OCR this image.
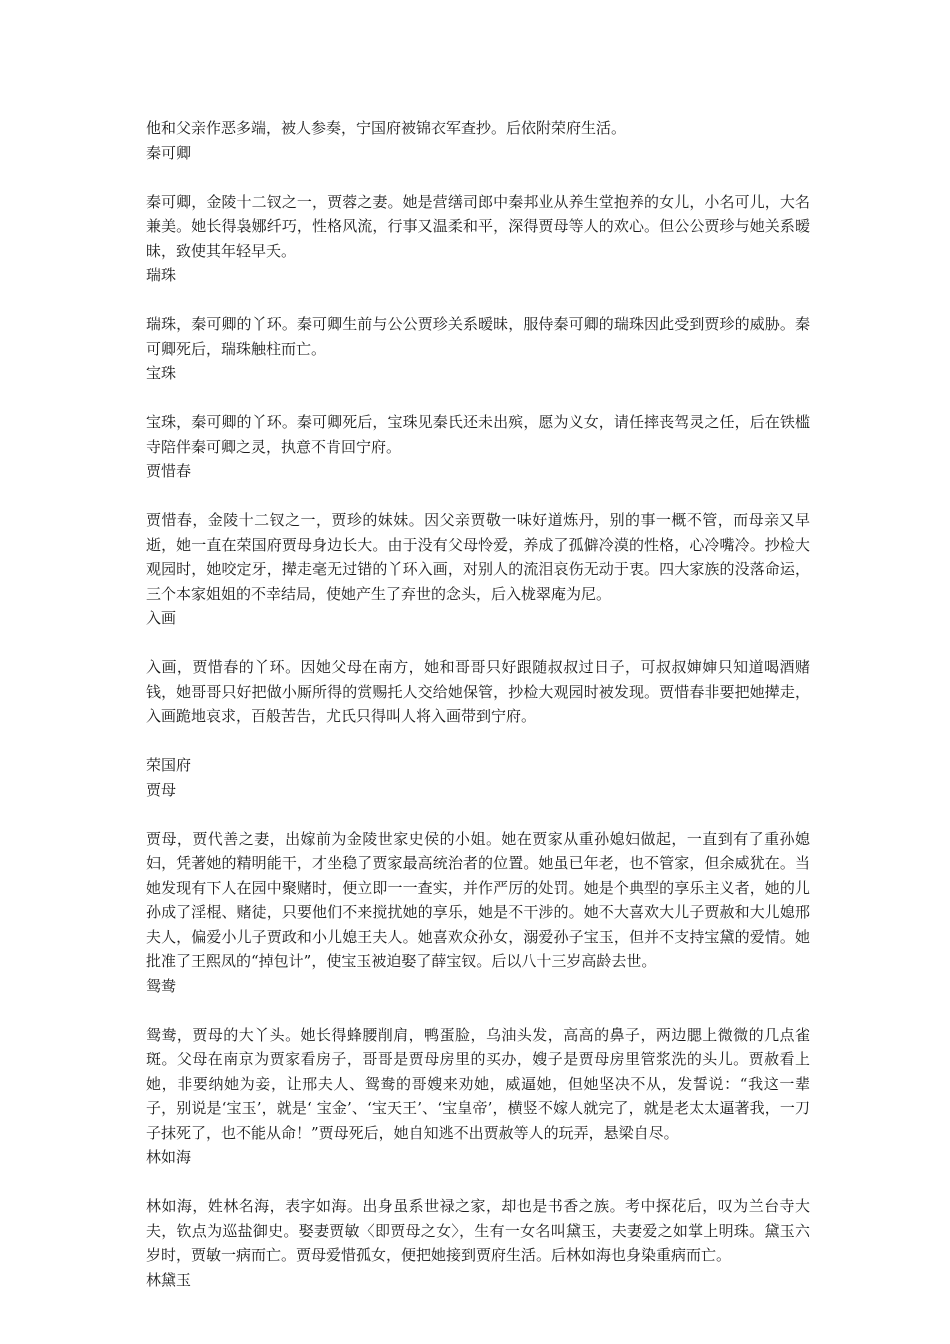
他和父亲作恶多端，被人参奏，宁国府被锦衣军查抄。后依附荣府生活。

秦可卿

秦可卿，金陵十二钗之一，贾蓉之妻。她是营缮司郎中秦邦业从养生堂抱养的女儿，小名可儿，大名兼美。她长得袅娜纤巧，性格风流，行事又温柔和平，深得贾母等人的欢心。但公公贾珍与她关系暧昧，致使其年轻早夭。

瑞珠

瑞珠，秦可卿的丫环。秦可卿生前与公公贾珍关系暧昧，服侍秦可卿的瑞珠因此受到贾珍的威胁。秦可卿死后，瑞珠触柱而亡。

宝珠

宝珠，秦可卿的丫环。秦可卿死后，宝珠见秦氏还未出殡，愿为义女，请任摔丧驾灵之任，后在铁槛寺陪伴秦可卿之灵，执意不肯回宁府。

贾惜春

贾惜春，金陵十二钗之一，贾珍的妹妹。因父亲贾敬一味好道炼丹，别的事一概不管，而母亲又早逝，她一直在荣国府贾母身边长大。由于没有父母怜爱，养成了孤僻冷漠的性格，心冷嘴冷。抄检大观园时，她咬定牙，撵走毫无过错的丫环入画，对别人的流泪哀伤无动于衷。四大家族的没落命运，三个本家姐姐的不幸结局，使她产生了弃世的念头，后入栊翠庵为尼。

入画

入画，贾惜春的丫环。因她父母在南方，她和哥哥只好跟随叔叔过日子，可叔叔婶婶只知道喝酒赌钱，她哥哥只好把做小厮所得的赏赐托人交给她保管，抄检大观园时被发现。贾惜春非要把她撵走，入画跪地哀求，百般苦告，尤氏只得叫人将入画带到宁府。

荣国府

贾母

贾母，贾代善之妻，出嫁前为金陵世家史侯的小姐。她在贾家从重孙媳妇做起，一直到有了重孙媳妇，凭著她的精明能干，才坐稳了贾家最高统治者的位置。她虽已年老，也不管家，但余威犹在。当她发现有下人在园中聚赌时，便立即一一查实，并作严厉的处罚。她是个典型的享乐主义者，她的儿孙成了淫棍、赌徒，只要他们不来搅扰她的享乐，她是不干涉的。她不大喜欢大儿子贾赦和大儿媳邢夫人，偏爱小儿子贾政和小儿媳王夫人。她喜欢众孙女，溺爱孙子宝玉，但并不支持宝黛的爱情。她批准了王熙凤的“掉包计”，使宝玉被迫娶了薛宝钗。后以八十三岁高龄去世。

鸳鸯

鸳鸯，贾母的大丫头。她长得蜂腰削肩，鸭蛋脸，乌油头发，高高的鼻子，两边腮上微微的几点雀斑。父母在南京为贾家看房子，哥哥是贾母房里的买办，嫂子是贾母房里管浆洗的头儿。贾赦看上她，非要纳她为妾，让邢夫人、鸳鸯的哥嫂来劝她，威逼她，但她坚决不从，发誓说：“我这一辈子，别说是‘宝玉’，就是‘ 宝金’、‘宝天王’、‘宝皇帝’，横竖不嫁人就完了，就是老太太逼著我，一刀子抹死了，也不能从命！”贾母死后，她自知逃不出贾赦等人的玩弄，悬梁自尽。

林如海

林如海，姓林名海，表字如海。出身虽系世禄之家，却也是书香之族。考中探花后，叹为兰台寺大夫，钦点为巡盐御史。娶妻贾敏〈即贾母之女〉，生有一女名叫黛玉，夫妻爱之如掌上明珠。黛玉六岁时，贾敏一病而亡。贾母爱惜孤女，便把她接到贾府生活。后林如海也身染重病而亡。

林黛玉
